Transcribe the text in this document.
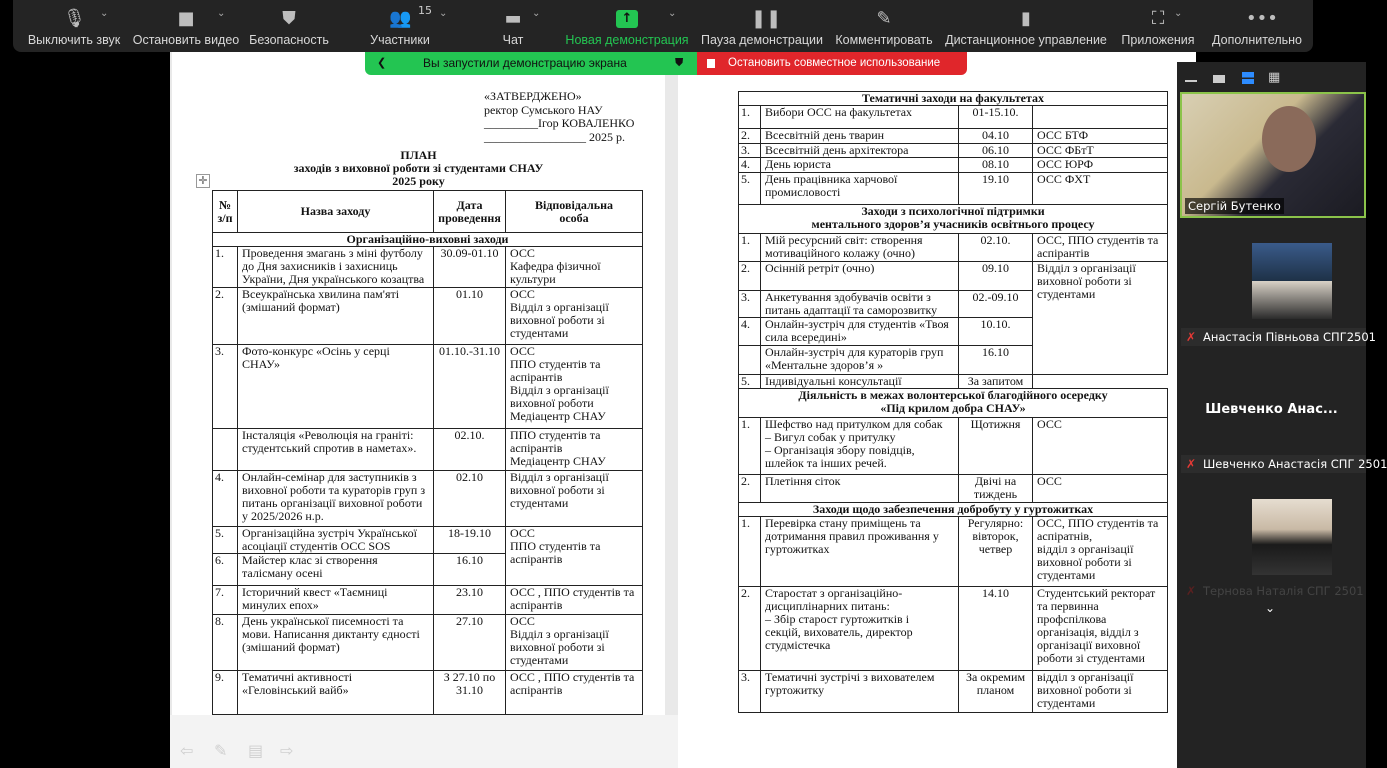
«ЗАТВЕРДЖЕНО»
ректор Сумського НАУ
_________Ігор КОВАЛЕНКО
_________________ 2025 р.
ПЛАН
заходів з виховної роботи зі студентами СНАУ
2025 року
✛
№
з/п	Назва заходу	Дата
проведення	Відповідальна
особа
Організаційно-виховні заходи			
1.	Проведення змагань з міні футболу до Дня захисників і захисниць України, Дня українського козацтва	30.09-01.10	ОСС
Кафедра фізичної культури
2.	Всеукраїнська хвилина пам'яті (змішаний формат)	01.10	ОСС
Відділ з організації виховної роботи зі студентами
3.	Фото-конкурс «Осінь у серці СНАУ»	01.10.-31.10	ОСС
ППО студентів та аспірантів
Відділ з організації виховної роботи
Медіацентр СНАУ
	Інсталяція «Революція на граніті: студентський спротив в наметах».	02.10.	ППО студентів та аспірантів
Медіацентр СНАУ
4.	Онлайн-семінар для заступників з виховної роботи та кураторів груп з питань організації виховної роботи у 2025/2026 н.р.	02.10	Відділ з організації виховної роботи зі студентами
5.	Організаційна зустріч Української асоціації студентів ОСС SOS	18-19.10	ОСС
ППО студентів та аспірантів
6.	Майстер клас зі створення талісману осені	16.10	
7.	Історичний квест «Таємниці минулих епох»	23.10	ОСС , ППО студентів та аспірантів
8.	День української писемності та мови. Написання диктанту єдності (змішаний формат)	27.10	ОСС
Відділ з організації виховної роботи зі студентами
9.	Тематичні активності
«Геловінський вайб»	З 27.10 по 31.10	ОСС , ППО студентів та аспірантів
Тематичні заходи на факультетах			
1.	Вибори ОСС на факультетах	01-15.10.	
2.	Всесвітній день тварин	04.10	ОСС БТФ
3.	Всесвітній день архітектора	06.10	ОСС ФБтТ
4.	День юриста	08.10	ОСС ЮРФ
5.	День працівника харчової промисловості	19.10	ОСС ФХТ
Заходи з психологічної підтримки
ментального здоров’я учасників освітнього процесу			
1.	Мій ресурсний світ: створення мотиваційного колажу (очно)	02.10.	ОСС, ППО студентів та аспірантів
2.	Осінній ретріт (очно)	09.10	Відділ з організації виховної роботи зі студентами
3.	Анкетування здобувачів освіти з питань адаптації та саморозвитку	02.-09.10	
4.	Онлайн-зустріч для студентів «Твоя сила всередині»	10.10.	
	Онлайн-зустріч для кураторів груп «Ментальне здоров’я »	16.10	
5.	Індивідуальні консультації	За запитом	
Діяльність в межах волонтерської благодійного осередку
«Під крилом добра СНАУ»			
1.	Шефство над притулком для собак
– Вигул собак у притулку
– Організація збору повідців,
шлейок та інших речей.	Щотижня	ОСС
2.	Плетіння сіток	Двічі на тиждень	ОСС
Заходи щодо забезпечення добробуту у гуртожитках			
1.	Перевірка стану приміщень та дотримання правил проживання у гуртожитках	Регулярно: вівторок, четвер	ОСС, ППО студентів та аспіратнів,
відділ з організації виховної роботи зі студентами
2.	Старостат з організаційно-дисциплінарних питань:
– Збір старост гуртожитків і
секцій, вихователь, директор
студмістечка	14.10	Студентський ректорат та первинна профспілкова організація, відділ з організації виховної роботи зі студентами
3.	Тематичні зустрічі з вихователем гуртожитку	За окремим планом	відділ з організації виховної роботи зі студентами
⇦ ✎ ▤ ⇨
🎙
Выключить звук
■
Остановить видео
⛊
Безопасность
👥
Участники
15	▬
Чат
↑
Новая демонстрация
❚❚
Пауза демонстрации
✎
Комментировать
▮
Дистанционное управление
⛶
Приложения
•••
Дополнительно
⌄	⌄	⌄	⌄	⌄	⌄
❮	Вы запустили демонстрацию экрана	⛊	Остановить совместное использование
▦
Сергій Бутенко
✗ Анастасія Півньова СПГ2501
Шевченко Анас...
✗ Шевченко Анастасія СПГ 2501
✗ Тернова Наталія СПГ 2501
⌄
